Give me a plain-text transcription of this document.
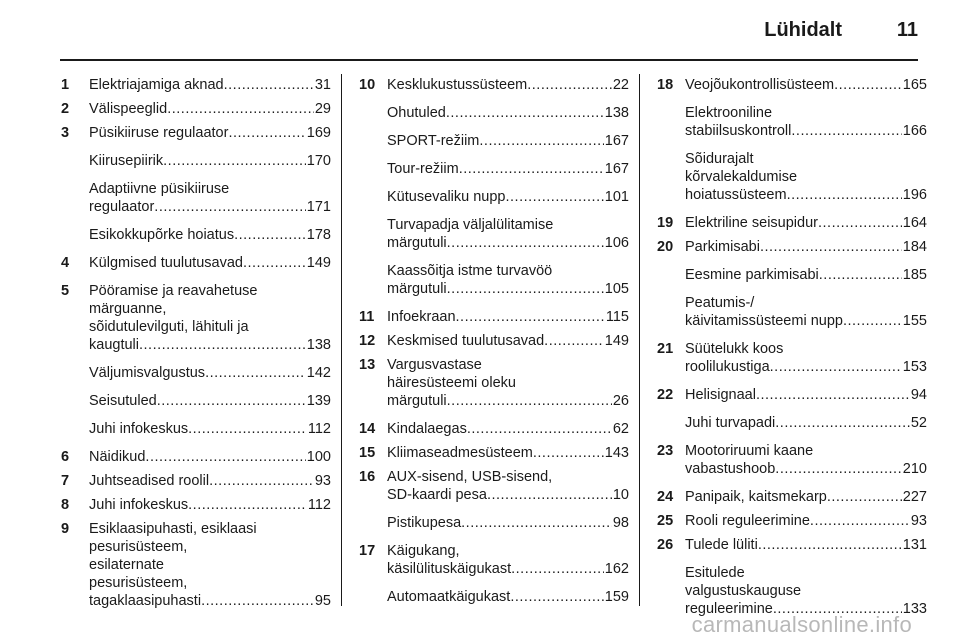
Lühidalt	11
1	Elektriajamiga aknad .....	31
2	Välispeeglid .....	29
3	Püsikiiruse regulaator .....	169
Kiirusepiirik .....	170
Adaptiivne püsikiiruse
regulaator .....	171
Esikokkupõrke hoiatus .....	178
4	Külgmised tuulutusavad .....	149
5	Pööramise ja reavahetuse
märguanne,
sõidutulevilguti, lähituli ja
kaugtuli .....	138
Väljumisvalgustus .....	142
Seisutuled .....	139
Juhi infokeskus .....	112
6	Näidikud .....	100
7	Juhtseadised roolil .....	93
8	Juhi infokeskus .....	112
9	Esiklaasipuhasti, esiklaasi
pesurisüsteem,
esilaternate
pesurisüsteem,
tagaklaasipuhasti .....	95
10 Kesklukustussüsteem .....	22
Ohutuled .....	138
SPORT-režiim .....	167
Tour-režiim .....	167
Kütusevaliku nupp .....	101
Turvapadja väljalülitamise
märgutuli .....	106
Kaassõitja istme turvavöö
märgutuli .....	105
11 Infoekraan .....	115
12 Keskmised tuulutusavad .....	149
13 Vargusvastase
häiresüsteemi oleku
märgutuli .....	26
14 Kindalaegas .....	62
15 Kliimaseadmesüsteem .....	143
16 AUX-sisend, USB-sisend,
SD-kaardi pesa .....	10
Pistikupesa .....	98
17 Käigukang,
käsilülituskäigukast .....	162
Automaatkäigukast .....	159
18 Veojõukontrollisüsteem .....	165
Elektrooniline
stabiilsuskontroll .....	166
Sõidurajalt
kõrvalekaldumise
hoiatussüsteem .....	196
19 Elektriline seisupidur .....	164
20 Parkimisabi .....	184
Eesmine parkimisabi .....	185
Peatumis-/
käivitamissüsteemi nupp .....	155
21 Süütelukk koos
roolilukustiga .....	153
22 Helisignaal .....	94
Juhi turvapadi .....	52
23 Mootoriruumi kaane
vabastushoob .....	210
24 Panipaik, kaitsmekarp .....	227
25 Rooli reguleerimine .....	93
26 Tulede lüliti .....	131
Esitulede
valgustuskauguse
reguleerimine .....	133
carmanualsonline.info
